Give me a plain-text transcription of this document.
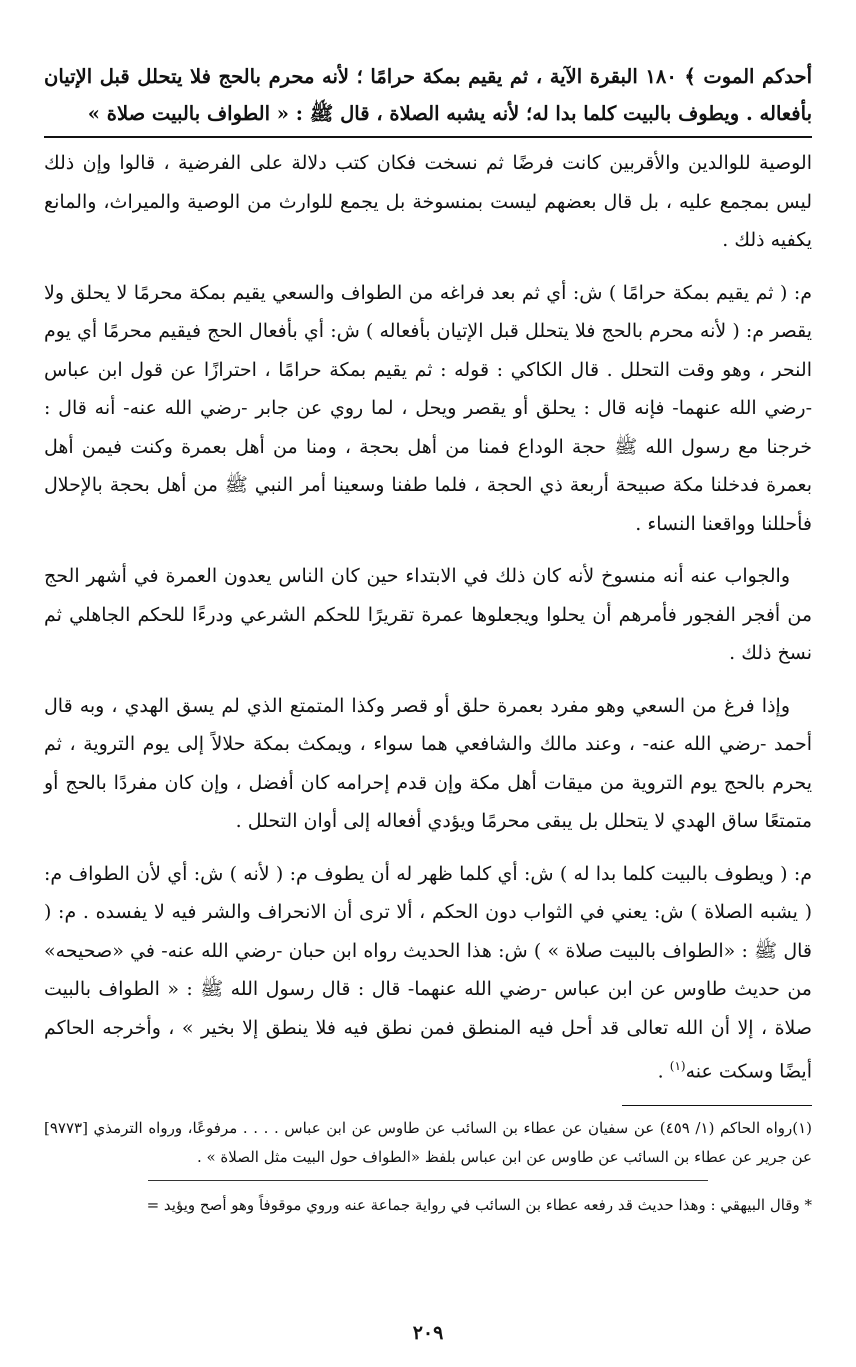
أحدكم الموت ﴾ ١٨٠ البقرة الآية ، ثم يقيم بمكة حرامًا ؛ لأنه محرم بالحج فلا يتحلل قبل الإتيان بأفعاله . ويطوف بالبيت كلما بدا له؛ لأنه يشبه الصلاة ، قال ﷺ : « الطواف بالبيت صلاة »

الوصية للوالدين والأقربين كانت فرضًا ثم نسخت فكان كتب دلالة على الفرضية ، قالوا وإن ذلك ليس بمجمع عليه ، بل قال بعضهم ليست بمنسوخة بل يجمع للوارث من الوصية والميراث، والمانع يكفيه ذلك .

م: ( ثم يقيم بمكة حرامًا ) ش: أي ثم بعد فراغه من الطواف والسعي يقيم بمكة محرمًا لا يحلق ولا يقصر م: ( لأنه محرم بالحج فلا يتحلل قبل الإتيان بأفعاله ) ش: أي بأفعال الحج فيقيم محرمًا أي يوم النحر ، وهو وقت التحلل . قال الكاكي : قوله : ثم يقيم بمكة حرامًا ، احترازًا عن قول ابن عباس -رضي الله عنهما- فإنه قال : يحلق أو يقصر ويحل ، لما روي عن جابر -رضي الله عنه- أنه قال : خرجنا مع رسول الله ﷺ حجة الوداع فمنا من أهل بحجة ، ومنا من أهل بعمرة وكنت فيمن أهل بعمرة فدخلنا مكة صبيحة أربعة ذي الحجة ، فلما طفنا وسعينا أمر النبي ﷺ من أهل بحجة بالإحلال فأحللنا وواقعنا النساء .

والجواب عنه أنه منسوخ لأنه كان ذلك في الابتداء حين كان الناس يعدون العمرة في أشهر الحج من أفجر الفجور فأمرهم أن يحلوا ويجعلوها عمرة تقريرًا للحكم الشرعي ودرءًا للحكم الجاهلي ثم نسخ ذلك .

وإذا فرغ من السعي وهو مفرد بعمرة حلق أو قصر وكذا المتمتع الذي لم يسق الهدي ، وبه قال أحمد -رضي الله عنه- ، وعند مالك والشافعي هما سواء ، ويمكث بمكة حلالاً إلى يوم التروية ، ثم يحرم بالحج يوم التروية من ميقات أهل مكة وإن قدم إحرامه كان أفضل ، وإن كان مفردًا بالحج أو متمتعًا ساق الهدي لا يتحلل بل يبقى محرمًا ويؤدي أفعاله إلى أوان التحلل .

م: ( ويطوف بالبيت كلما بدا له ) ش: أي كلما ظهر له أن يطوف م: ( لأنه ) ش: أي لأن الطواف م: ( يشبه الصلاة ) ش: يعني في الثواب دون الحكم ، ألا ترى أن الانحراف والشر فيه لا يفسده . م: ( قال ﷺ : «الطواف بالبيت صلاة » ) ش: هذا الحديث رواه ابن حبان -رضي الله عنه- في «صحيحه» من حديث طاوس عن ابن عباس -رضي الله عنهما- قال : قال رسول الله ﷺ : « الطواف بالبيت صلاة ، إلا أن الله تعالى قد أحل فيه المنطق فمن نطق فيه فلا ينطق إلا بخير » ، وأخرجه الحاكم أيضًا وسكت عنه$^{(١)}$ .

(١)رواه الحاكم (١/ ٤٥٩) عن سفيان عن عطاء بن السائب عن طاوس عن ابن عباس . . . . مرفوعًا، ورواه الترمذي [٩٧٧٣] عن جرير عن عطاء بن السائب عن طاوس عن ابن عباس بلفظ «الطواف حول البيت مثل الصلاة » .

* وقال البيهقي : وهذا حديث قد رفعه عطاء بن السائب في رواية جماعة عنه وروي موقوفاً وهو أصح ويؤيد =

٢٠٩
